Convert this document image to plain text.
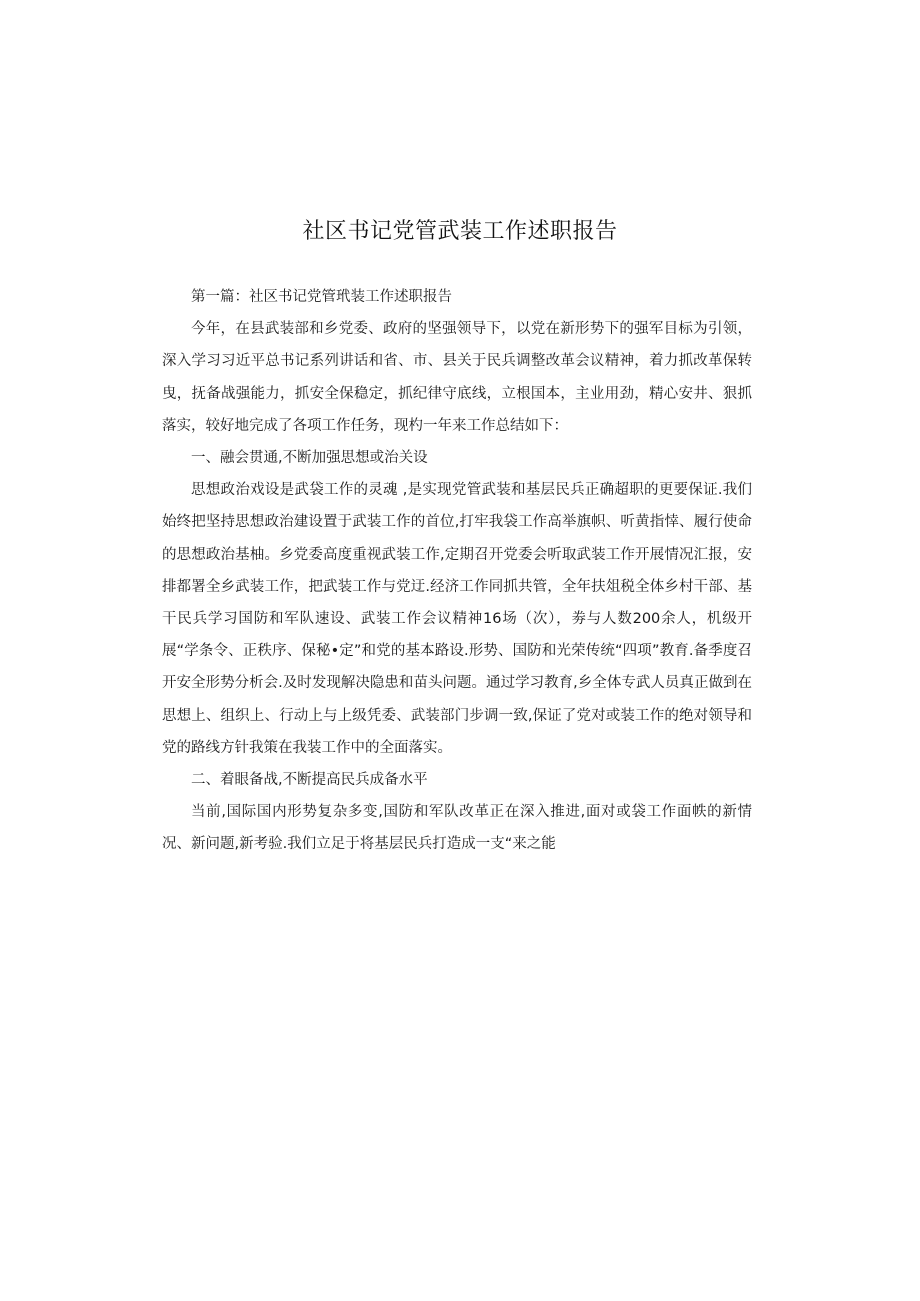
社区书记党管武装工作述职报告

第一篇：社区书记党管玳装工作述职报告

今年，在县武装部和乡党委、政府的坚强领导下，以党在新形势下的强军目标为引领，深入学习习近平总书记系列讲话和省、市、县关于民兵调整改革会议精神，着力抓改革保转曳，抚备战强能力，抓安全保稳定，抓纪律守底线，立根国本，主业用劲，精心安井、狠抓落实，较好地完成了各项工作任务，现杓一年来工作总结如下：

一、融会贯通,不断加强思想或治关设

思想政治戏设是武袋工作的灵魂 ,是实现党管武装和基层民兵正确超职的更要保证.我们始终把坚持思想政治建设置于武装工作的首位,打牢我袋工作高举旗帜、听黄指悻、履行使命的思想政治基柚。乡党委高度重视武装工作,定期召开党委会听取武装工作开展情况汇报，安排都署全乡武装工作，把武装工作与党迂.经济工作同抓共管，全年扶俎税全体乡村干部、基干民兵学习国防和军队速设、武装工作会议精神16场（次），劵与人数200余人，机级开展“学条令、正秩序、保秘•定”和党的基本路设.形势、国防和光荣传统“四项”教育.备季度召开安全形势分析会.及时发现解决隐患和苗头问题。通过学习教育,乡全体专武人员真正做到在思想上、组织上、行动上与上级凭委、武装部门步调一致,保证了党对或装工作的绝对领导和党的路线方针我策在我装工作中的全面落实。

二、着眼备战,不断提高民兵成备水平

当前,国际国内形势复杂多变,国防和军队改革正在深入推进,面对或袋工作面帙的新情况、新问题,新考验.我们立足于将基层民兵打造成一支“来之能
